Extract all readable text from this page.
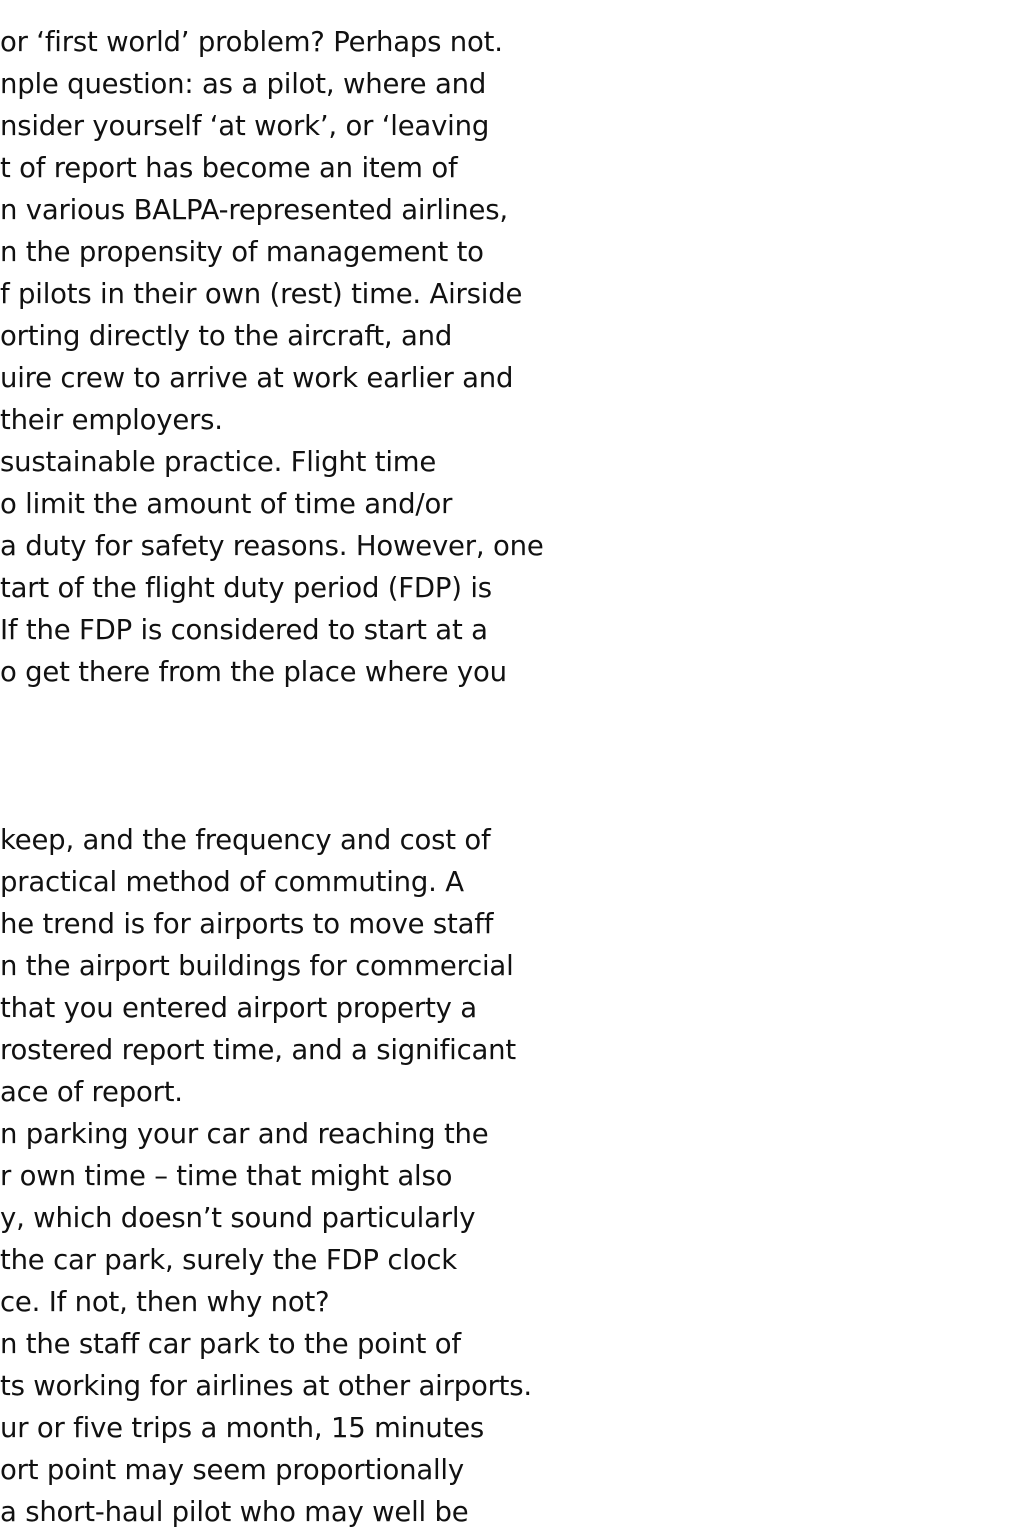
or ‘first world’ problem? Perhaps not.
nple question: as a pilot, where and
nsider yourself ‘at work’, or ‘leaving
t of report has become an item of
n various BALPA-represented airlines,
n the propensity of management to
f pilots in their own (rest) time. Airside
orting directly to the aircraft, and
uire crew to arrive at work earlier and
their employers.
sustainable practice. Flight time
o limit the amount of time and/or
a duty for safety reasons. However, one
tart of the flight duty period (FDP) is
If the FDP is considered to start at a
o get there from the place where you
keep, and the frequency and cost of
practical method of commuting. A
he trend is for airports to move staff
n the airport buildings for commercial
that you entered airport property a
rostered report time, and a significant
ace of report.
n parking your car and reaching the
r own time – time that might also
y, which doesn’t sound particularly
the car park, surely the FDP clock
ce. If not, then why not?
n the staff car park to the point of
ts working for airlines at other airports.
ur or five trips a month, 15 minutes
ort point may seem proportionally
a short-haul pilot who may well be
